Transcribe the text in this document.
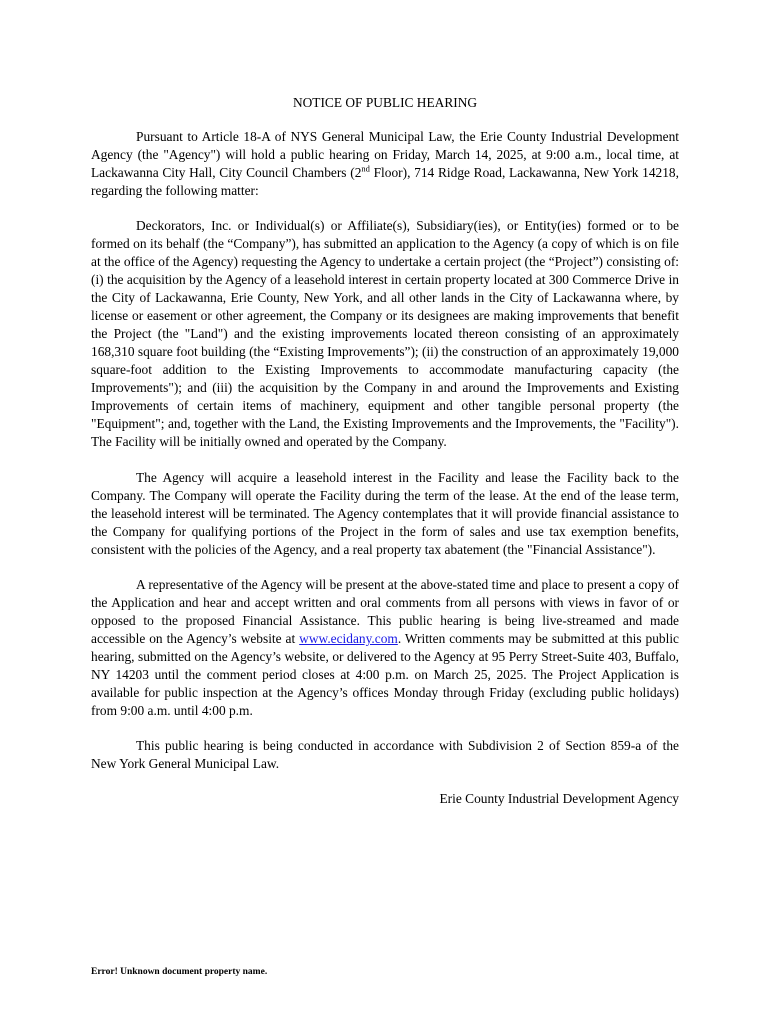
NOTICE OF PUBLIC HEARING

Pursuant to Article 18-A of NYS General Municipal Law, the Erie County Industrial Development Agency (the "Agency") will hold a public hearing on Friday, March 14, 2025, at 9:00 a.m., local time, at Lackawanna City Hall, City Council Chambers (2nd Floor), 714 Ridge Road, Lackawanna, New York 14218, regarding the following matter:

Deckorators, Inc. or Individual(s) or Affiliate(s), Subsidiary(ies), or Entity(ies) formed or to be formed on its behalf (the “Company”), has submitted an application to the Agency (a copy of which is on file at the office of the Agency) requesting the Agency to undertake a certain project (the “Project”) consisting of: (i) the acquisition by the Agency of a leasehold interest in certain property located at 300 Commerce Drive in the City of Lackawanna, Erie County, New York, and all other lands in the City of Lackawanna where, by license or easement or other agreement, the Company or its designees are making improvements that benefit the Project (the "Land") and the existing improvements located thereon consisting of an approximately 168,310 square foot building (the “Existing Improvements”); (ii) the construction of an approximately 19,000 square-foot addition to the Existing Improvements to accommodate manufacturing capacity (the Improvements"); and (iii) the acquisition by the Company in and around the Improvements and Existing Improvements of certain items of machinery, equipment and other tangible personal property (the "Equipment"; and, together with the Land, the Existing Improvements and the Improvements, the "Facility"). The Facility will be initially owned and operated by the Company.

The Agency will acquire a leasehold interest in the Facility and lease the Facility back to the Company. The Company will operate the Facility during the term of the lease. At the end of the lease term, the leasehold interest will be terminated. The Agency contemplates that it will provide financial assistance to the Company for qualifying portions of the Project in the form of sales and use tax exemption benefits, consistent with the policies of the Agency, and a real property tax abatement (the "Financial Assistance").

A representative of the Agency will be present at the above-stated time and place to present a copy of the Application and hear and accept written and oral comments from all persons with views in favor of or opposed to the proposed Financial Assistance. This public hearing is being live-streamed and made accessible on the Agency’s website at www.ecidany.com. Written comments may be submitted at this public hearing, submitted on the Agency’s website, or delivered to the Agency at 95 Perry Street-Suite 403, Buffalo, NY 14203 until the comment period closes at 4:00 p.m. on March 25, 2025. The Project Application is available for public inspection at the Agency’s offices Monday through Friday (excluding public holidays) from 9:00 a.m. until 4:00 p.m.

This public hearing is being conducted in accordance with Subdivision 2 of Section 859-a of the New York General Municipal Law.

Erie County Industrial Development Agency

Error! Unknown document property name.
